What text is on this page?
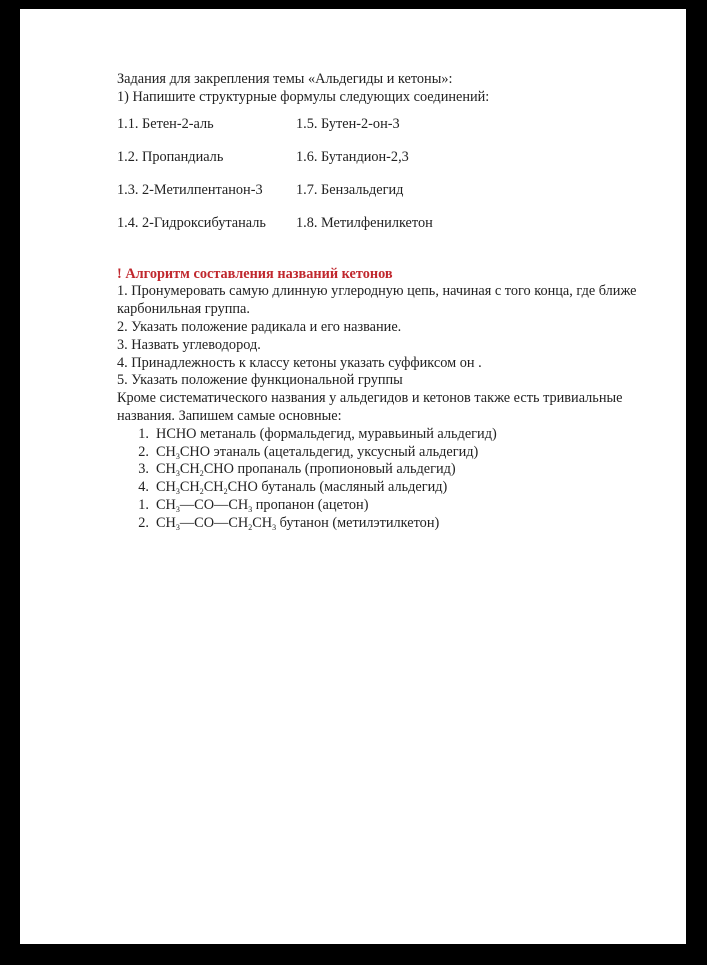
Задания для закрепления темы «Альдегиды и кетоны»:
1) Напишите структурные формулы следующих соединений:
1.1. Бетен-2-аль	1.5. Бутен-2-он-3
1.2. Пропандиаль	1.6. Бутандион-2,3
1.3. 2-Метилпентанон-3	1.7. Бензальдегид
1.4. 2-Гидроксибутаналь	1.8. Метилфенилкетон
! Алгоритм составления названий кетонов
1. Пронумеровать самую длинную углеродную цепь, начиная с того конца, где ближе карбонильная группа.
2. Указать положение радикала и его название.
3. Назвать углеводород.
4. Принадлежность к классу кетоны указать суффиксом он .
5. Указать положение функциональной группы
Кроме систематического названия у альдегидов и кетонов также есть тривиальные названия. Запишем самые основные:
1. HCHO метаналь (формальдегид, муравьиный альдегид)
2. $CH_3CHO$ этаналь (ацетальдегид, уксусный альдегид)
3. $CH_3CH_2CHO$ пропаналь (пропионовый альдегид)
4. $CH_3CH_2CH_2CHO$ бутаналь (масляный альдегид)
1. $CH_3—CO—CH_3$ пропанон (ацетон)
2. $CH_3—CO—CH_2CH_3$ бутанон (метилэтилкетон)
